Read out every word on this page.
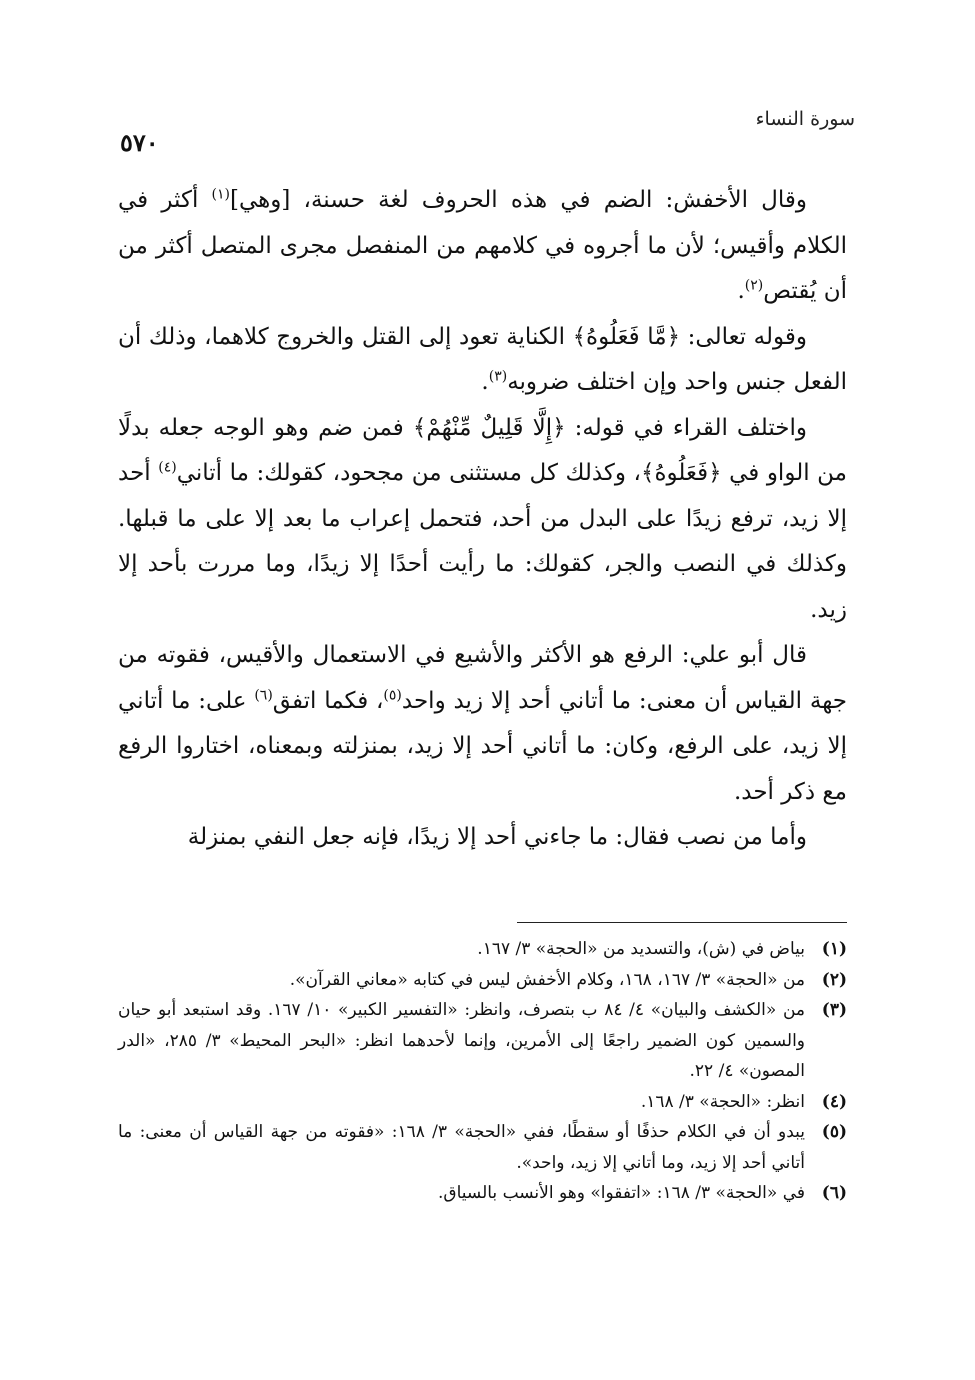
سورة النساء
٥٧٠

وقال الأخفش: الضم في هذه الحروف لغة حسنة، [وهي]$^{(١)}$ أكثر في الكلام وأقيس؛ لأن ما أجروه في كلامهم من المنفصل مجرى المتصل أكثر من أن يُقتص$^{(٢)}$.

وقوله تعالى: ﴿مَّا فَعَلُوهُ﴾ الكناية تعود إلى القتل والخروج كلاهما، وذلك أن الفعل جنس واحد وإن اختلف ضروبه$^{(٣)}$.

واختلف القراء في قوله: ﴿إِلَّا قَلِيلٌ مِّنْهُمْ﴾ فمن ضم وهو الوجه جعله بدلًا من الواو في ﴿فَعَلُوهُ﴾، وكذلك كل مستثنى من مجحود، كقولك: ما أتاني$^{(٤)}$ أحد إلا زيد، ترفع زيدًا على البدل من أحد، فتحمل إعراب ما بعد إلا على ما قبلها. وكذلك في النصب والجر، كقولك: ما رأيت أحدًا إلا زيدًا، وما مررت بأحد إلا زيد.

قال أبو علي: الرفع هو الأكثر والأشيع في الاستعمال والأقيس، فقوته من جهة القياس أن معنى: ما أتاني أحد إلا زيد واحد$^{(٥)}$، فكما اتفق$^{(٦)}$ على: ما أتاني إلا زيد، على الرفع، وكان: ما أتاني أحد إلا زيد، بمنزلته وبمعناه، اختاروا الرفع مع ذكر أحد.

وأما من نصب فقال: ما جاءني أحد إلا زيدًا، فإنه جعل النفي بمنزلة

(١)
بياض في (ش)، والتسديد من «الحجة» ٣/ ١٦٧.
(٢)
من «الحجة» ٣/ ١٦٧، ١٦٨، وكلام الأخفش ليس في كتابه «معاني القرآن».
(٣)
من «الكشف والبيان» ٤/ ٨٤ ب بتصرف، وانظر: «التفسير الكبير» ١٠/ ١٦٧. وقد استبعد أبو حيان والسمين كون الضمير راجعًا إلى الأمرين، وإنما لأحدهما انظر: «البحر المحيط» ٣/ ٢٨٥، «الدر المصون» ٤/ ٢٢.
(٤)
انظر: «الحجة» ٣/ ١٦٨.
(٥)
يبدو أن في الكلام حذفًا أو سقطًا، ففي «الحجة» ٣/ ١٦٨: «فقوته من جهة القياس أن معنى: ما أتاني أحد إلا زيد، وما أتاني إلا زيد، واحد».
(٦)
في «الحجة» ٣/ ١٦٨: «اتفقوا» وهو الأنسب بالسياق.
